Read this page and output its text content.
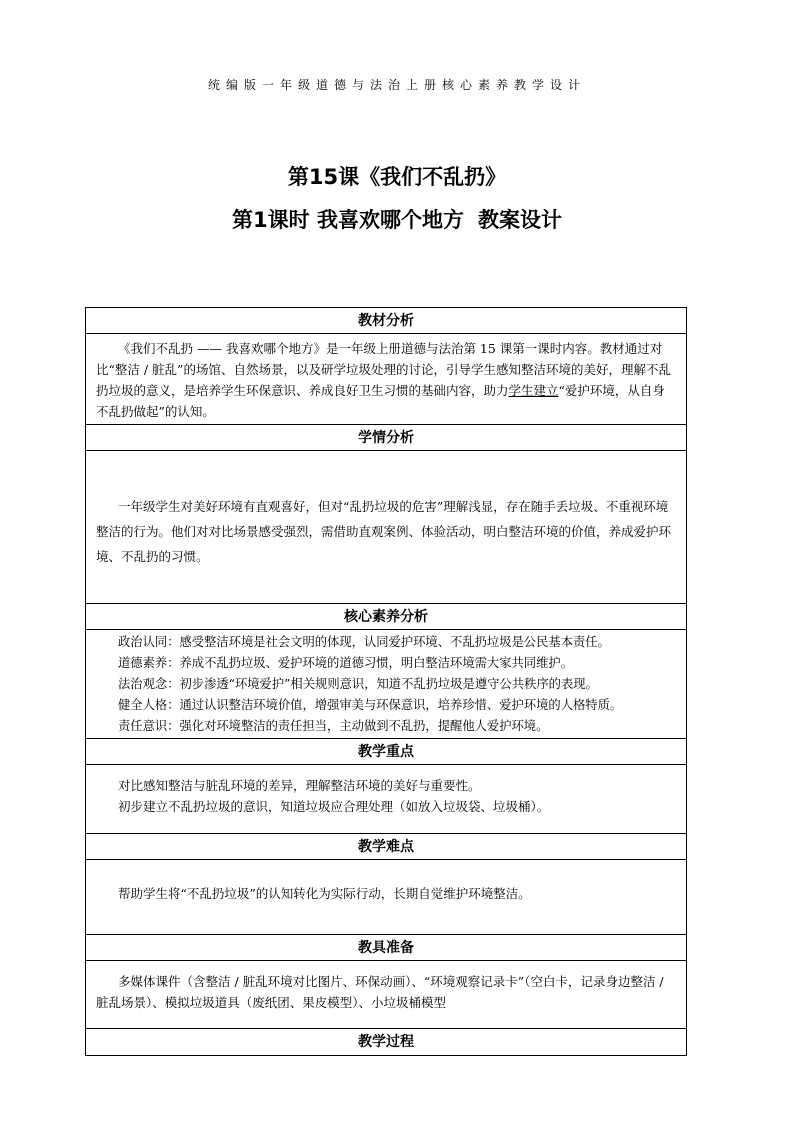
统编版一年级道德与法治上册核心素养教学设计
第15课《我们不乱扔》
第1课时 我喜欢哪个地方 教案设计
教材分析

《我们不乱扔 —— 我喜欢哪个地方》是一年级上册道德与法治第 15 课第一课时内容。教材通过对比“整洁 / 脏乱”的场馆、自然场景，以及研学垃圾处理的讨论，引导学生感知整洁环境的美好，理解不乱扔垃圾的意义，是培养学生环保意识、养成良好卫生习惯的基础内容，助力学生建立“爱护环境，从自身不乱扔做起”的认知。

学情分析

一年级学生对美好环境有直观喜好，但对“乱扔垃圾的危害”理解浅显，存在随手丢垃圾、不重视环境整洁的行为。他们对对比场景感受强烈，需借助直观案例、体验活动，明白整洁环境的价值，养成爱护环境、不乱扔的习惯。

核心素养分析

政治认同：感受整洁环境是社会文明的体现，认同爱护环境、不乱扔垃圾是公民基本责任。

道德素养：养成不乱扔垃圾、爱护环境的道德习惯，明白整洁环境需大家共同维护。

法治观念：初步渗透“环境爱护”相关规则意识，知道不乱扔垃圾是遵守公共秩序的表现。

健全人格：通过认识整洁环境价值，增强审美与环保意识，培养珍惜、爱护环境的人格特质。

责任意识：强化对环境整洁的责任担当，主动做到不乱扔，提醒他人爱护环境。

教学重点

对比感知整洁与脏乱环境的差异，理解整洁环境的美好与重要性。

初步建立不乱扔垃圾的意识，知道垃圾应合理处理（如放入垃圾袋、垃圾桶）。

教学难点

帮助学生将“不乱扔垃圾”的认知转化为实际行动，长期自觉维护环境整洁。

教具准备

多媒体课件（含整洁 / 脏乱环境对比图片、环保动画）、“环境观察记录卡”（空白卡，记录身边整洁 / 脏乱场景）、模拟垃圾道具（废纸团、果皮模型）、小垃圾桶模型

教学过程
